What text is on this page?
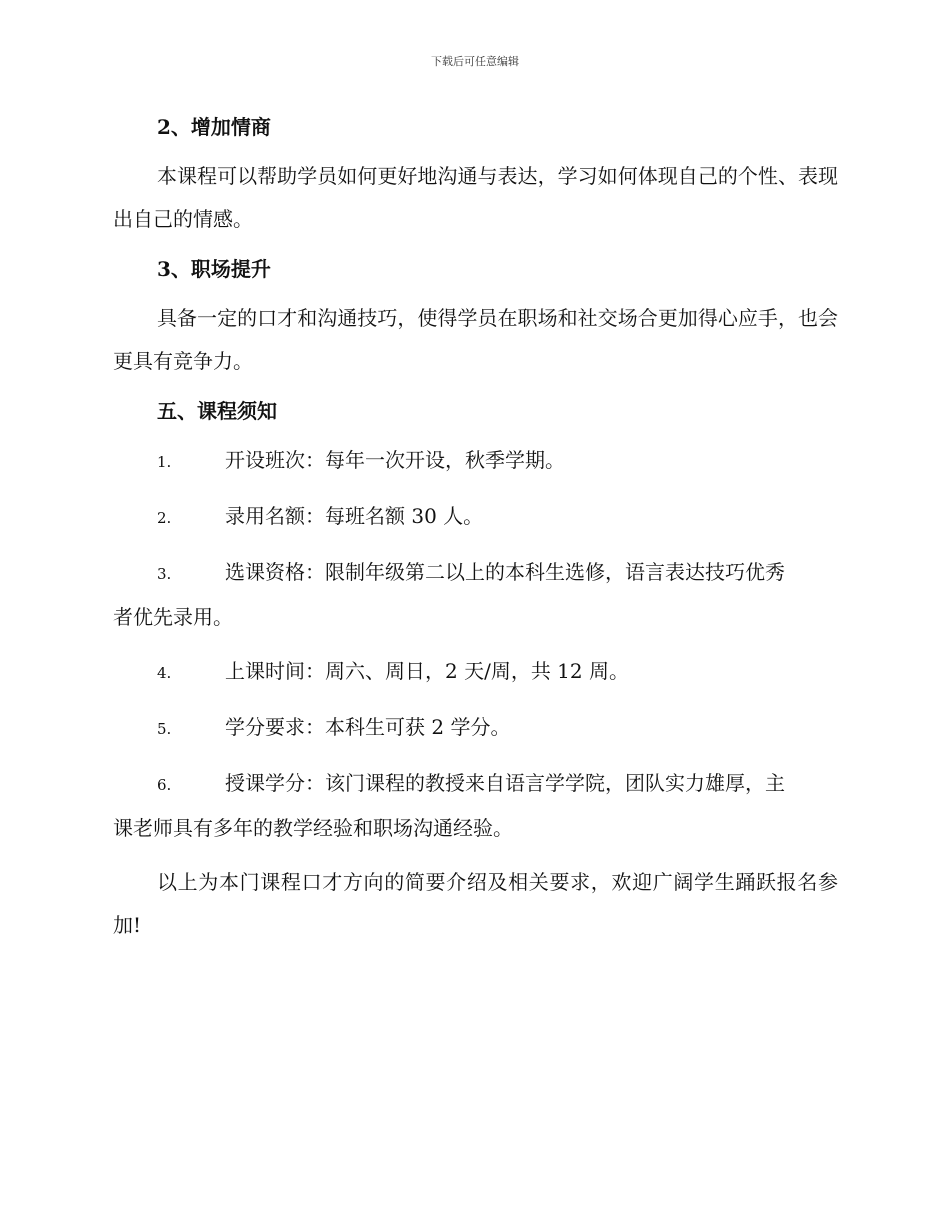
下载后可任意编辑

2、增加情商

本课程可以帮助学员如何更好地沟通与表达，学习如何体现自己的个性、表现出自己的情感。

3、职场提升

具备一定的口才和沟通技巧，使得学员在职场和社交场合更加得心应手，也会更具有竞争力。

五、课程须知

1.	开设班次：每年一次开设，秋季学期。
2.	录用名额：每班名额 30 人。
3.	选课资格：限制年级第二以上的本科生选修，语言表达技巧优秀

者优先录用。

4.	上课时间：周六、周日，2 天/周，共 12 周。
5.	学分要求：本科生可获 2 学分。
6.	授课学分：该门课程的教授来自语言学学院，团队实力雄厚，主

课老师具有多年的教学经验和职场沟通经验。

以上为本门课程口才方向的简要介绍及相关要求，欢迎广阔学生踊跃报名参加!
